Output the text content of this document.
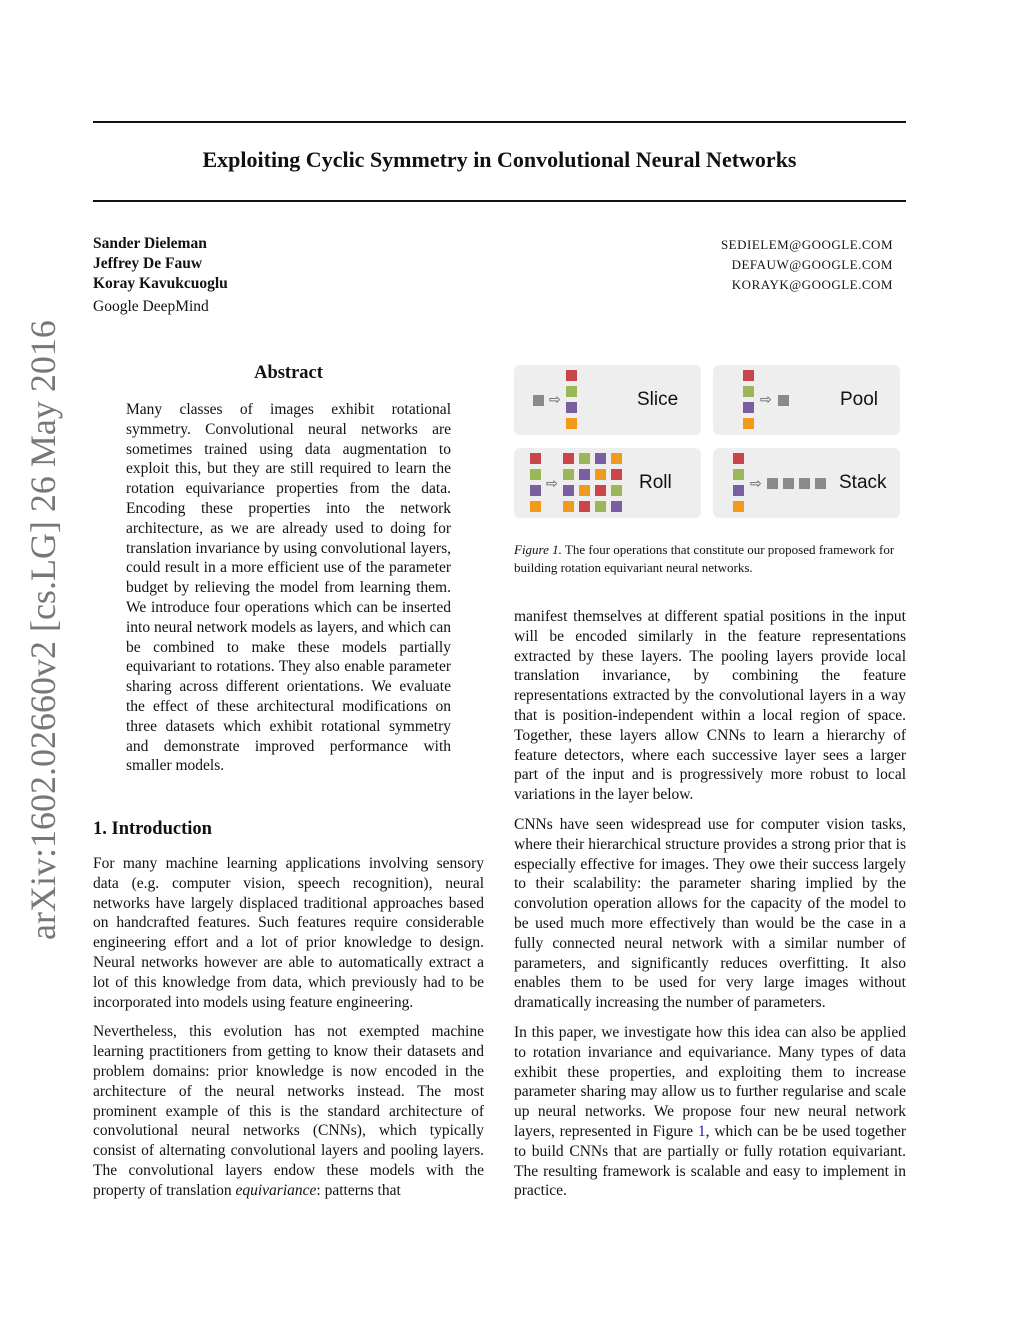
Exploiting Cyclic Symmetry in Convolutional Neural Networks
Sander Dieleman
Jeffrey De Fauw
Koray Kavukcuoglu
Google DeepMind
SEDIELEM@GOOGLE.COM
DEFAUW@GOOGLE.COM
KORAYK@GOOGLE.COM
arXiv:1602.02660v2 [cs.LG] 26 May 2016	Abstract
Many classes of images exhibit rotational symmetry. Convolutional neural networks are sometimes trained using data augmentation to exploit this, but they are still required to learn the rotation equivariance properties from the data. Encoding these properties into the network architecture, as we are already used to doing for translation invariance by using convolutional layers, could result in a more efficient use of the parameter budget by relieving the model from learning them. We introduce four operations which can be inserted into neural network models as layers, and which can be combined to make these models partially equivariant to rotations. They also enable parameter sharing across different orientations. We evaluate the effect of these architectural modifications on three datasets which exhibit rotational symmetry and demonstrate improved performance with smaller models.
1. Introduction

For many machine learning applications involving sensory data (e.g. computer vision, speech recognition), neural networks have largely displaced traditional approaches based on handcrafted features. Such features require considerable engineering effort and a lot of prior knowledge to design. Neural networks however are able to automatically extract a lot of this knowledge from data, which previously had to be incorporated into models using feature engineering.

Nevertheless, this evolution has not exempted machine learning practitioners from getting to know their datasets and problem domains: prior knowledge is now encoded in the architecture of the neural networks instead. The most prominent example of this is the standard architecture of convolutional neural networks (CNNs), which typically consist of alternating convolutional layers and pooling layers. The convolutional layers endow these models with the property of translation equivariance: patterns that

Slice	Pool
Roll	Stack
⇨	⇨
⇨	⇨
Figure 1. The four operations that constitute our proposed framework for building rotation equivariant neural networks.

manifest themselves at different spatial positions in the input will be encoded similarly in the feature representations extracted by these layers. The pooling layers provide local translation invariance, by combining the feature representations extracted by the convolutional layers in a way that is position-independent within a local region of space. Together, these layers allow CNNs to learn a hierarchy of feature detectors, where each successive layer sees a larger part of the input and is progressively more robust to local variations in the layer below.

CNNs have seen widespread use for computer vision tasks, where their hierarchical structure provides a strong prior that is especially effective for images. They owe their success largely to their scalability: the parameter sharing implied by the convolution operation allows for the capacity of the model to be used much more effectively than would be the case in a fully connected neural network with a similar number of parameters, and significantly reduces overfitting. It also enables them to be used for very large images without dramatically increasing the number of parameters.

In this paper, we investigate how this idea can also be applied to rotation invariance and equivariance. Many types of data exhibit these properties, and exploiting them to increase parameter sharing may allow us to further regularise and scale up neural networks. We propose four new neural network layers, represented in Figure 1, which can be be used together to build CNNs that are partially or fully rotation equivariant. The resulting framework is scalable and easy to implement in practice.
